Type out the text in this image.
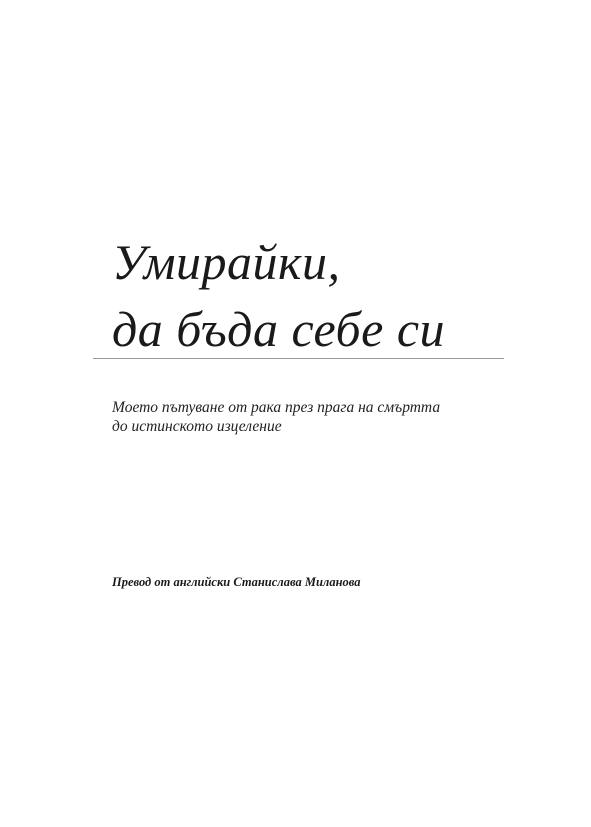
Умирайки,
да бъда себе си
Моето пътуване от рака през прага на смъртта
до истинското изцеление
Превод от английски Станислава Миланова
